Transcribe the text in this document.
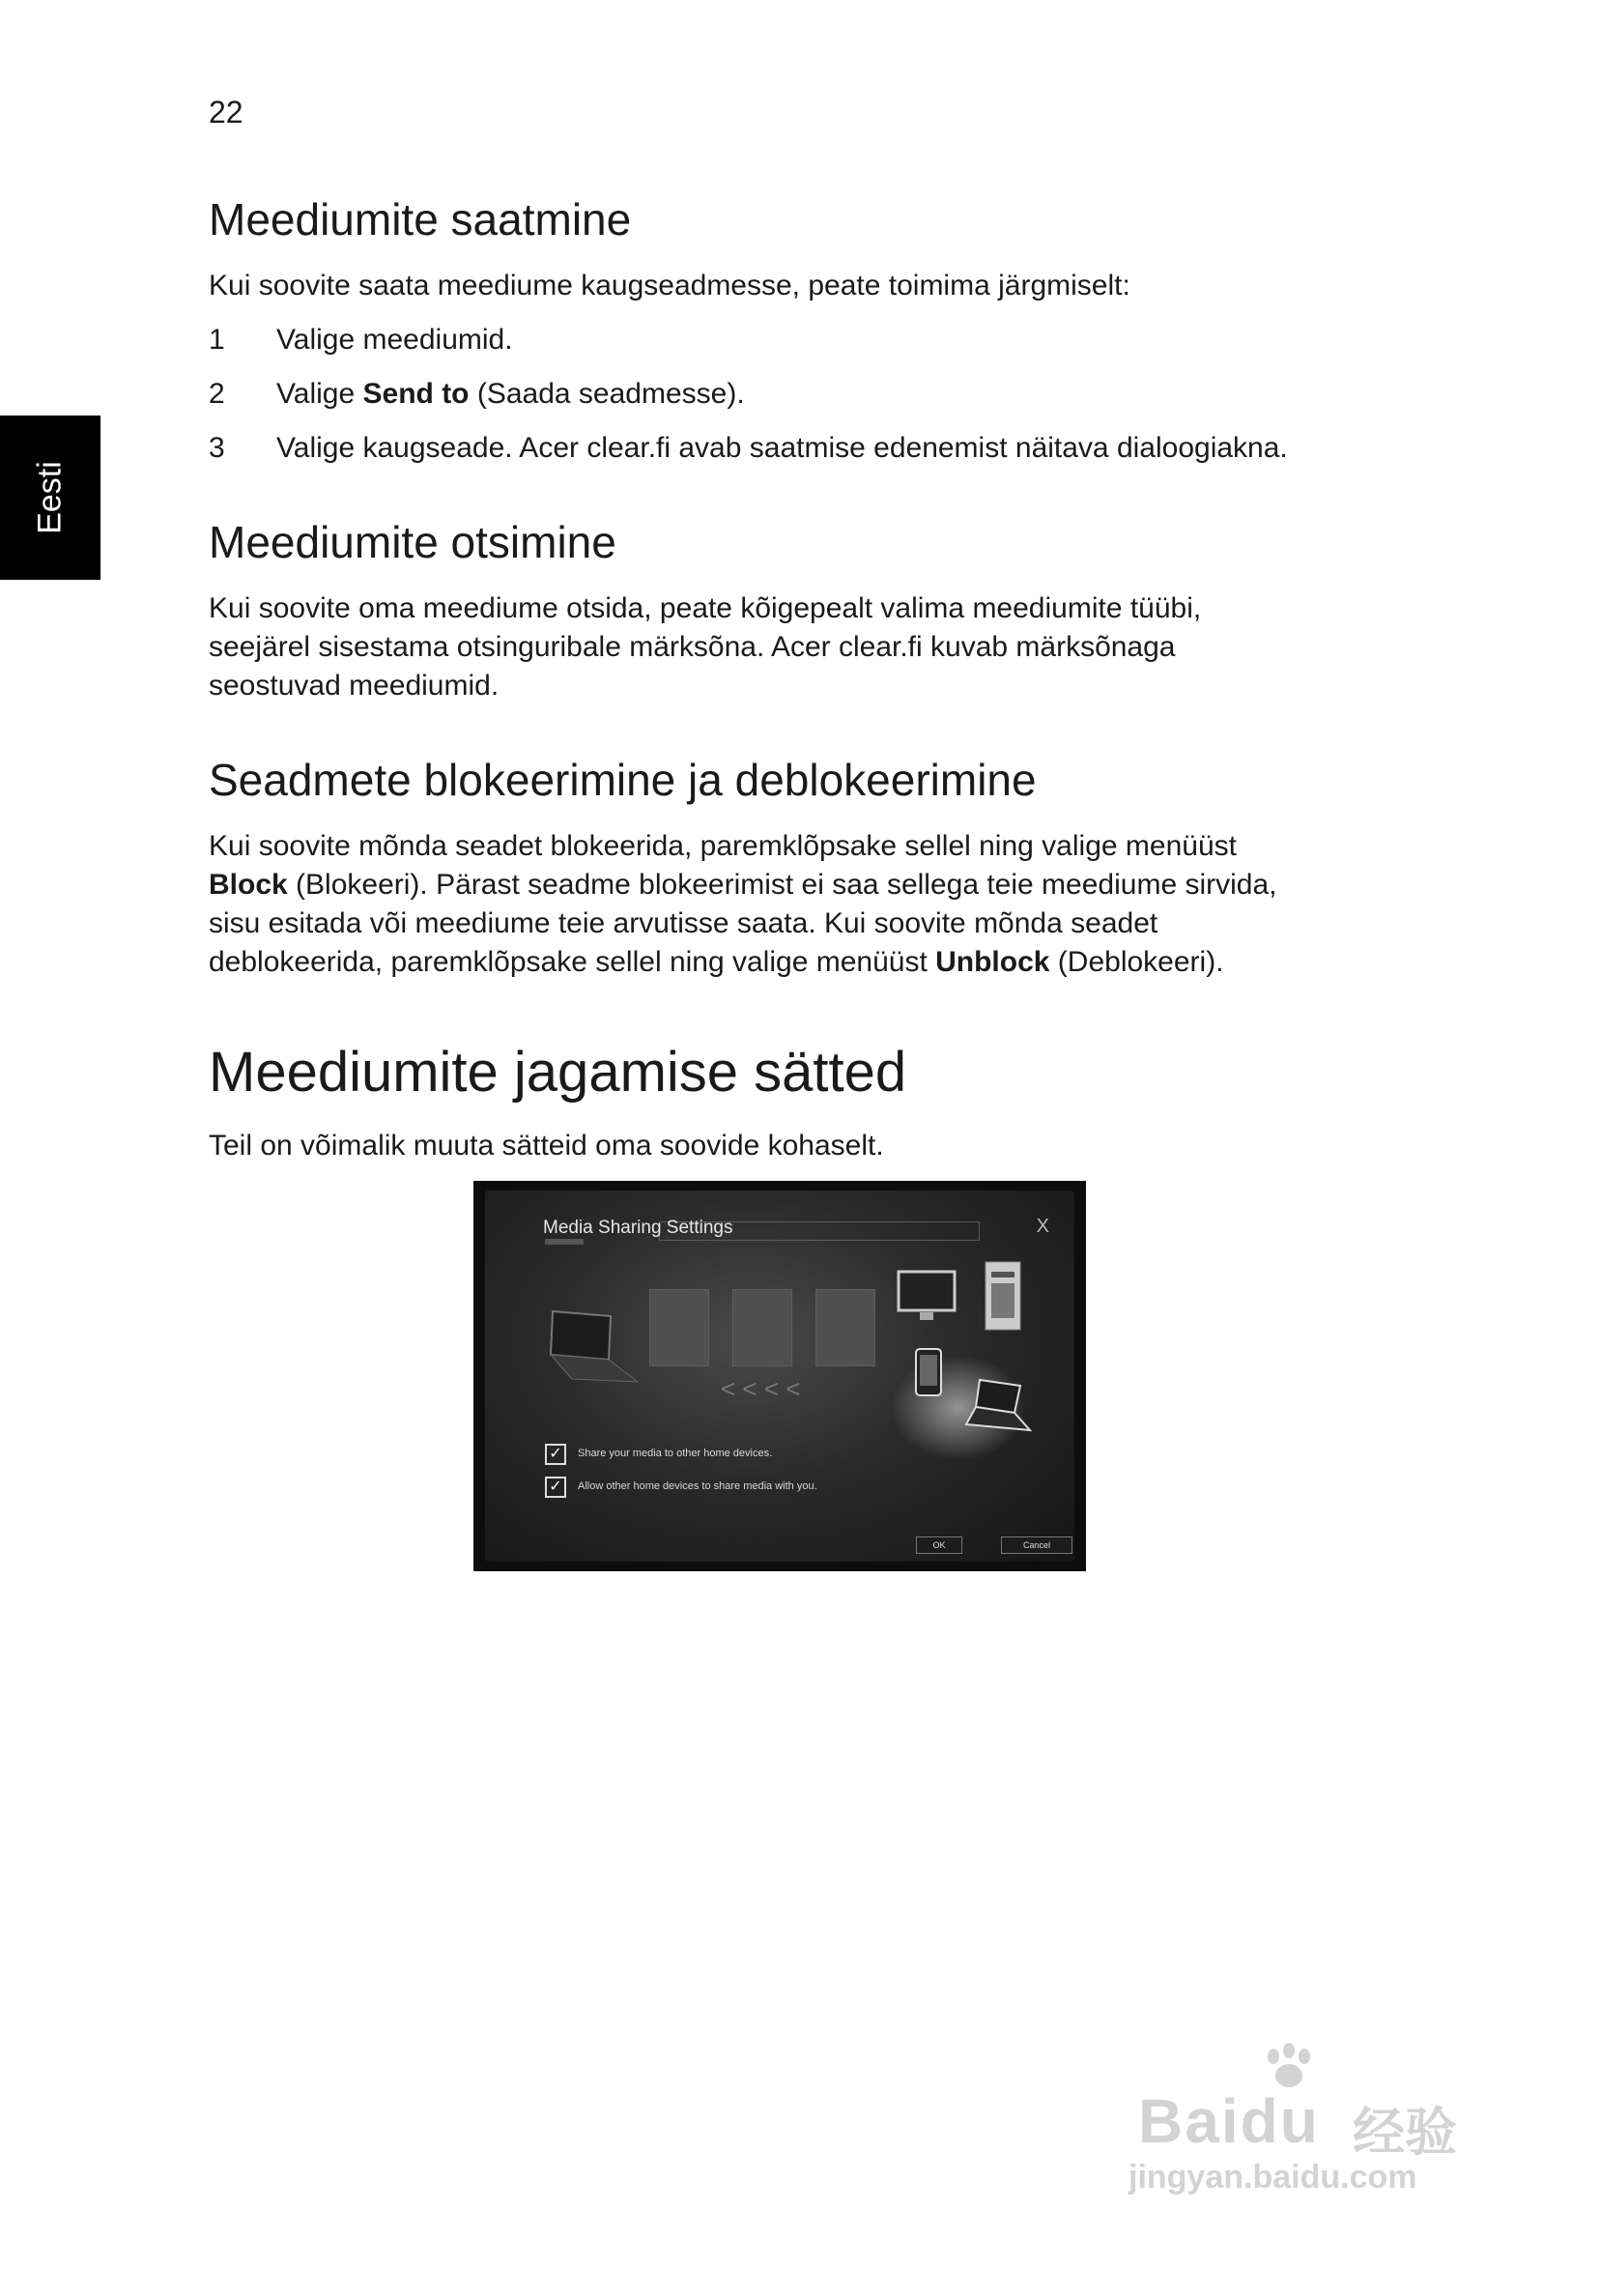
22
Eesti
Meediumite saatmine

Kui soovite saata meediume kaugseadmesse, peate toimima järgmiselt:

1 Valige meediumid.
2 Valige Send to (Saada seadmesse).
3 Valige kaugseade. Acer clear.fi avab saatmise edenemist näitava dialoogiakna.
Meediumite otsimine

Kui soovite oma meediume otsida, peate kõigepealt valima meediumite tüübi,

seejärel sisestama otsinguribale märksõna. Acer clear.fi kuvab märksõnaga

seostuvad meediumid.

Seadmete blokeerimine ja deblokeerimine

Kui soovite mõnda seadet blokeerida, paremklõpsake sellel ning valige menüüst

Block (Blokeeri). Pärast seadme blokeerimist ei saa sellega teie meediume sirvida,

sisu esitada või meediume teie arvutisse saata. Kui soovite mõnda seadet

deblokeerida, paremklõpsake sellel ning valige menüüst Unblock (Deblokeeri).

Meediumite jagamise sätted

Teil on võimalik muuta sätteid oma soovide kohaselt.

Media Sharing Settings	X
< < < <
✓	Share your media to other home devices.
✓	Allow other home devices to share media with you.
OK	Cancel
Baidu 经验
jingyan.baidu.com
